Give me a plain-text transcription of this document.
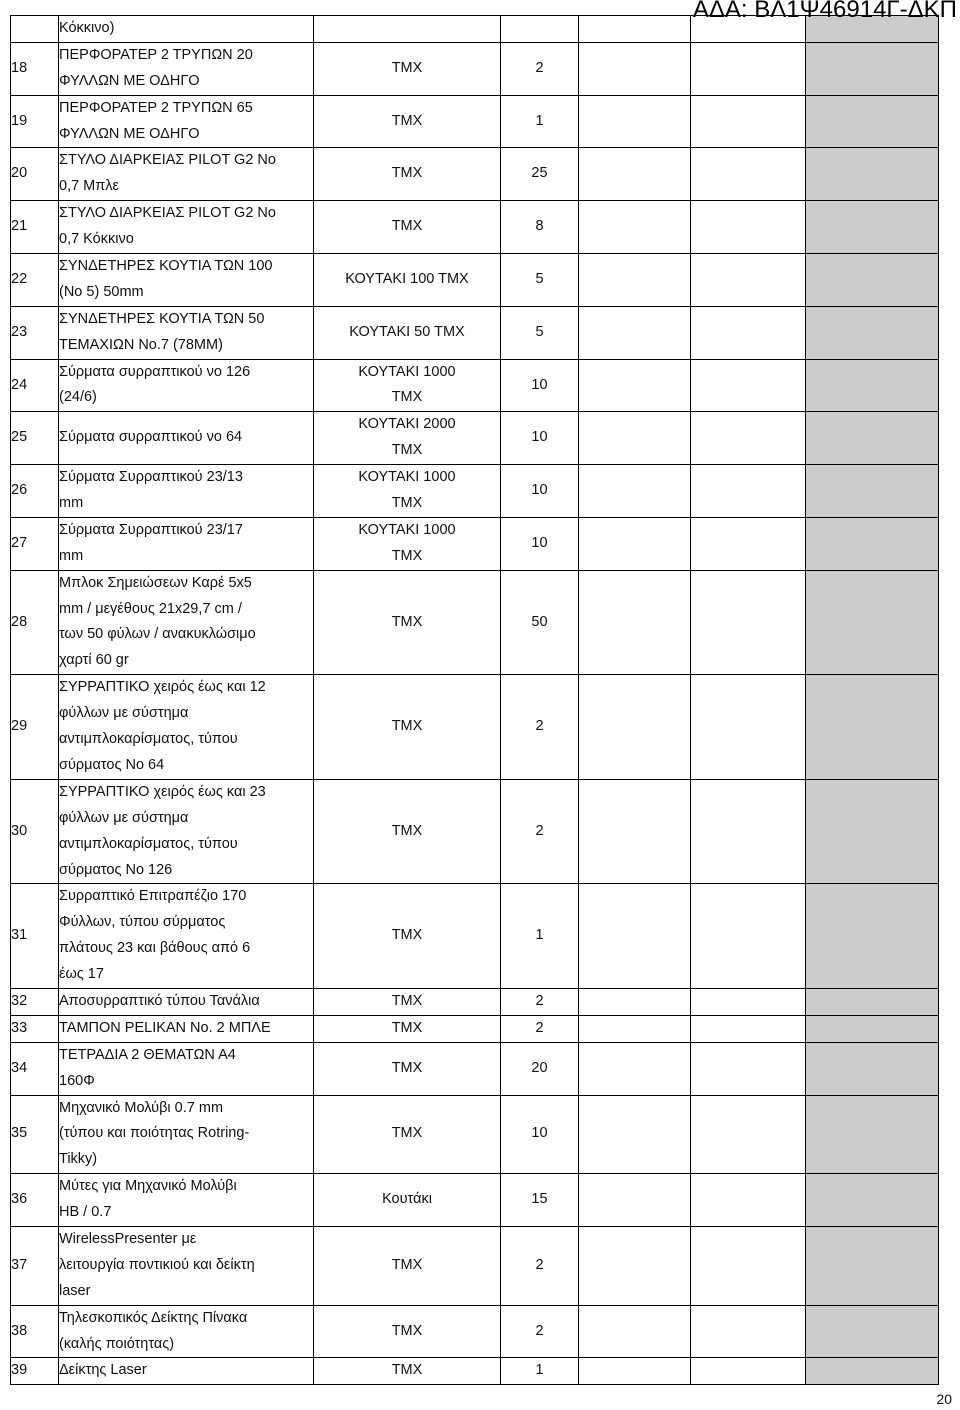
ΑΔΑ: ΒΛ1Ψ46914Γ-ΔΚΠ

	Κόκκινο)					

18	ΠΕΡΦΟΡΑΤΕΡ 2 ΤΡΥΠΩΝ 20
ΦΥΛΛΩΝ ΜΕ ΟΔΗΓΟ	ΤΜΧ	2			
19	ΠΕΡΦΟΡΑΤΕΡ 2 ΤΡΥΠΩΝ 65
ΦΥΛΛΩΝ ΜΕ ΟΔΗΓΟ	ΤΜΧ	1			
20	ΣΤΥΛΟ ΔΙΑΡΚΕΙΑΣ PILOT G2 No
0,7 Μπλε	ΤΜΧ	25			
21	ΣΤΥΛΟ ΔΙΑΡΚΕΙΑΣ PILOT G2 No
0,7 Κόκκινο	ΤΜΧ	8			
22	ΣΥΝΔΕΤΗΡΕΣ ΚΟΥΤΙΑ ΤΩΝ 100
(No 5) 50mm	ΚΟΥΤΑΚΙ 100 ΤΜΧ	5			
23	ΣΥΝΔΕΤΗΡΕΣ ΚΟΥΤΙΑ ΤΩΝ 50
ΤΕΜΑΧΙΩΝ No.7 (78ΜΜ)	ΚΟΥΤΑΚΙ 50 ΤΜΧ	5			
24	Σύρματα συρραπτικού νο 126
(24/6)	ΚΟΥΤΑΚΙ 1000
ΤΜΧ	10			
25	Σύρματα συρραπτικού νο 64	ΚΟΥΤΑΚΙ 2000
ΤΜΧ	10			
26	Σύρματα Συρραπτικού 23/13
mm	ΚΟΥΤΑΚΙ 1000
ΤΜΧ	10			
27	Σύρματα Συρραπτικού 23/17
mm	ΚΟΥΤΑΚΙ 1000
ΤΜΧ	10			
28	Μπλοκ Σημειώσεων Καρέ 5x5
mm / μεγέθους 21x29,7 cm /
των 50 φύλων / ανακυκλώσιμο
χαρτί 60 gr	ΤΜΧ	50			
29	ΣΥΡΡΑΠΤΙΚΟ χειρός έως και 12
φύλλων με σύστημα
αντιμπλοκαρίσματος, τύπου
σύρματος Νο 64	ΤΜΧ	2			
30	ΣΥΡΡΑΠΤΙΚΟ χειρός έως και 23
φύλλων με σύστημα
αντιμπλοκαρίσματος, τύπου
σύρματος Νο 126	ΤΜΧ	2			
31	Συρραπτικό Επιτραπέζιο 170
Φύλλων, τύπου σύρματος
πλάτους 23 και βάθους από 6
έως 17	ΤΜΧ	1			
32	Αποσυρραπτικό τύπου Τανάλια	ΤΜΧ	2			
33	ΤΑΜΠΟΝ PELIKAN No. 2 ΜΠΛΕ	ΤΜΧ	2			
34	ΤΕΤΡΑΔΙΑ 2 ΘΕΜΑΤΩΝ Α4
160Φ	ΤΜΧ	20			
35	Μηχανικό Μολύβι 0.7 mm
(τύπου και ποιότητας Rotring-
Tikky)	ΤΜΧ	10			
36	Μύτες για Μηχανικό Μολύβι
HB / 0.7	Κουτάκι	15			
37	WirelessPresenter με
λειτουργία ποντικιού και δείκτη
laser	ΤΜΧ	2			
38	Τηλεσκοπικός Δείκτης Πίνακα
(καλής ποιότητας)	ΤΜΧ	2			
39	Δείκτης Laser	ΤΜΧ	1			
20
